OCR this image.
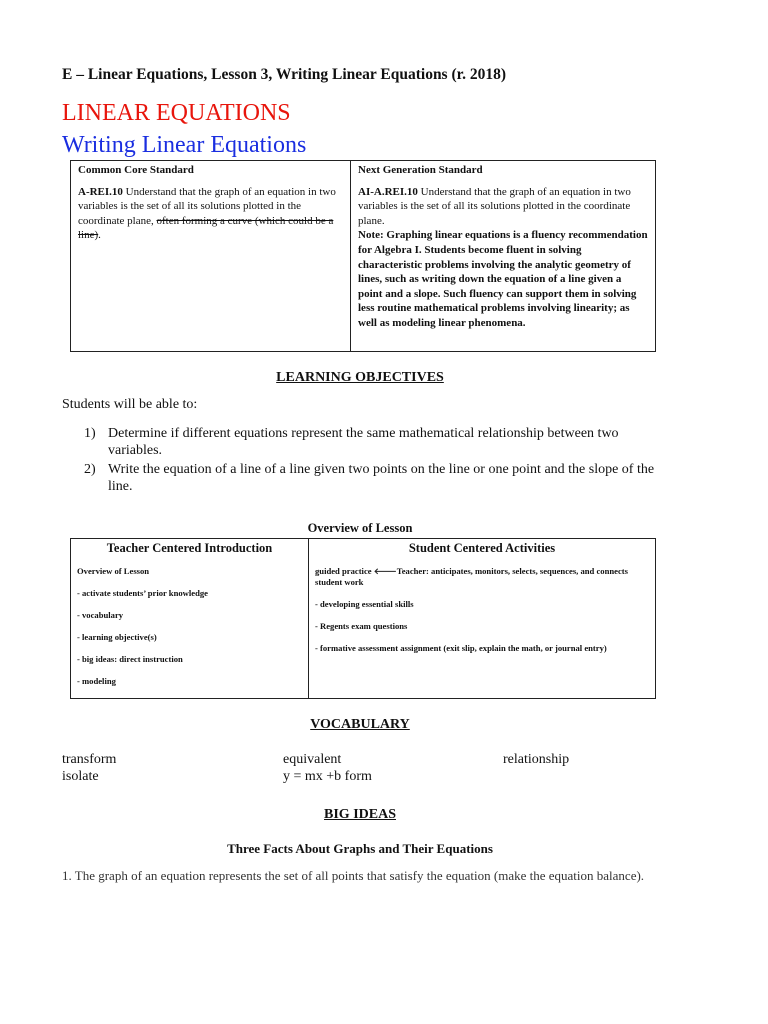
E – Linear Equations, Lesson 3, Writing Linear Equations (r. 2018)
LINEAR EQUATIONS
Writing Linear Equations

Common Core Standard

A-REI.10 Understand that the graph of an equation in two variables is the set of all its solutions plotted in the coordinate plane, often forming a curve (which could be a line).

Next Generation Standard

AI-A.REI.10 Understand that the graph of an equation in two variables is the set of all its solutions plotted in the coordinate plane.

Note: Graphing linear equations is a fluency recommendation for Algebra I. Students become fluent in solving characteristic problems involving the analytic geometry of lines, such as writing down the equation of a line given a point and a slope. Such fluency can support them in solving less routine mathematical problems involving linearity; as well as modeling linear phenomena.

LEARNING OBJECTIVES

Students will be able to:

1) Determine if different equations represent the same mathematical relationship between two variables.
2) Write the equation of a line of a line given two points on the line or one point and the slope of the line.

Overview of Lesson

Teacher Centered Introduction

Overview of Lesson
- activate students’ prior knowledge
- vocabulary
- learning objective(s)
- big ideas: direct instruction
- modeling

Student Centered Activities

guided practice 🡐Teacher: anticipates, monitors, selects, sequences, and connects student work
- developing essential skills
- Regents exam questions
- formative assessment assignment (exit slip, explain the math, or journal entry)
VOCABULARY
transform	equivalent	relationship
isolate	y = mx +b form
BIG IDEAS

Three Facts About Graphs and Their Equations

1. The graph of an equation represents the set of all points that satisfy the equation (make the equation balance).
